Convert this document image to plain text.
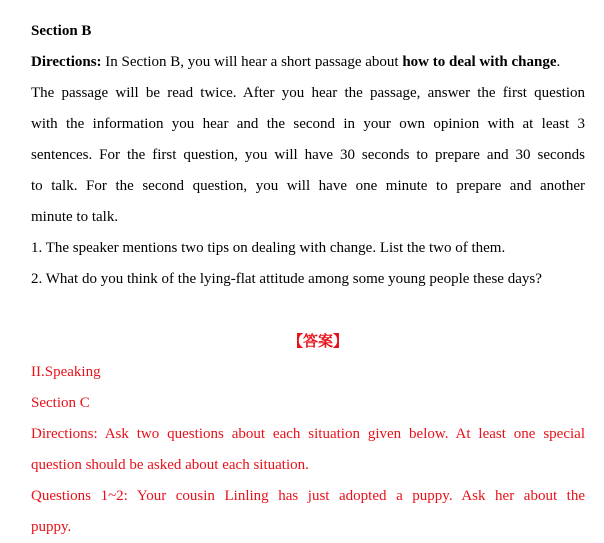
Section B
Directions: In Section B, you will hear a short passage about how to deal with change.
The passage will be read twice. After you hear the passage, answer the first question
with the information you hear and the second in your own opinion with at least 3
sentences. For the first question, you will have 30 seconds to prepare and 30 seconds
to talk. For the second question, you will have one minute to prepare and another
minute to talk.
1. The speaker mentions two tips on dealing with change. List the two of them.
2. What do you think of the lying-flat attitude among some young people these days?
【答案】
II.Speaking
Section C
Directions: Ask two questions about each situation given below. At least one special
question should be asked about each situation.
Questions 1~2: Your cousin Linling has just adopted a puppy. Ask her about the
puppy.
